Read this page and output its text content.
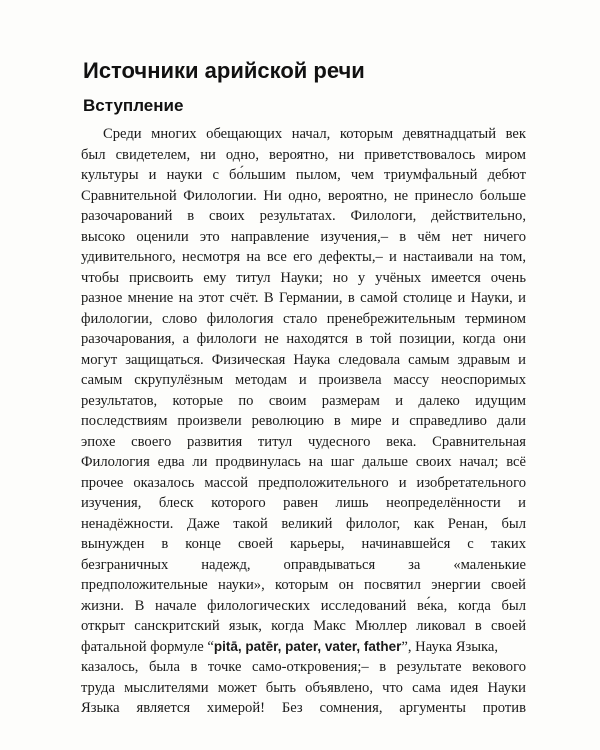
Источники арийской речи
Вступление
Среди многих обещающих начал, которым девятнадцатый век
был свидетелем, ни одно, вероятно, ни приветствовалось миром
культуры и науки с бо́льшим пылом, чем триумфальный дебют
Сравнительной Филологии. Ни одно, вероятно, не принесло больше
разочарований в своих результатах. Филологи, действительно,
высоко оценили это направление изучения,– в чём нет ничего
удивительного, несмотря на все его дефекты,– и настаивали на том,
чтобы присвоить ему титул Науки; но у учёных имеется очень
разное мнение на этот счёт. В Германии, в самой столице и Науки, и
филологии, слово филология стало пренебрежительным термином
разочарования, а филологи не находятся в той позиции, когда они
могут защищаться. Физическая Наука следовала самым здравым и
самым скрупулёзным методам и произвела массу неоспоримых
результатов, которые по своим размерам и далеко идущим
последствиям произвели революцию в мире и справедливо дали
эпохе своего развития титул чудесного века. Сравнительная
Филология едва ли продвинулась на шаг дальше своих начал; всё
прочее оказалось массой предположительного и изобретательного
изучения, блеск которого равен лишь неопределённости и
ненадёжности. Даже такой великий филолог, как Ренан, был
вынужден в конце своей карьеры, начинавшейся с таких
безграничных надежд, оправдываться за «маленькие
предположительные науки», которым он посвятил энергии своей
жизни. В начале филологических исследований ве́ка, когда был
открыт санскритский язык, когда Макс Мюллер ликовал в своей
фатальной формуле “pitā, patēr, pater, vater, father”, Наука Языка,
казалось, была в точке само-откровения;– в результате векового
труда мыслителями может быть объявлено, что сама идея Науки
Языка является химерой! Без сомнения, аргументы против
